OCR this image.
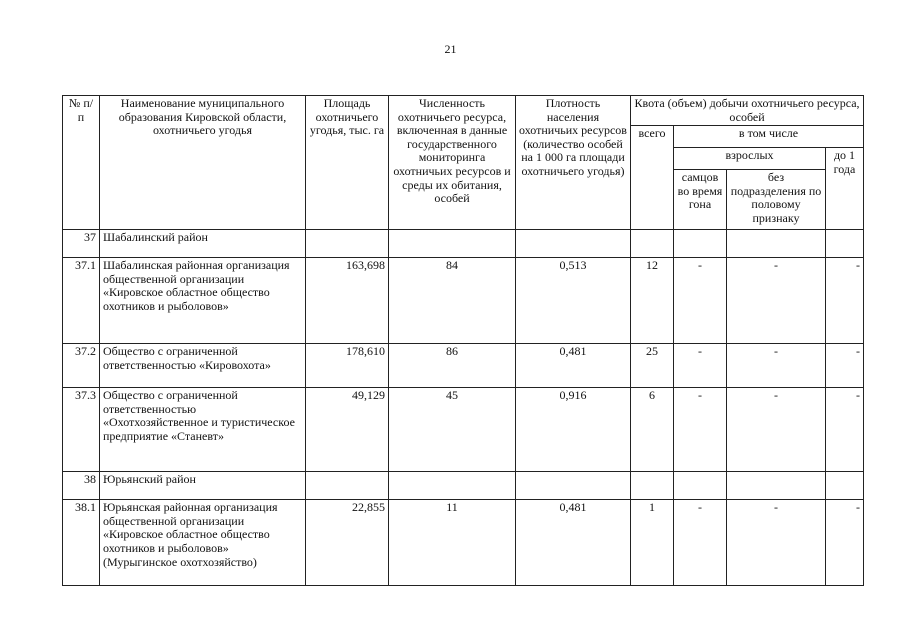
21
№ п/п	Наименование муниципального образования Кировской области, охотничьего угодья	Площадь охотничьего угодья, тыс. га	Численность охотничьего ресурса, включенная в данные государственного мониторинга охотничьих ресурсов и среды их обитания, особей	Плотность населения охотничьих ресурсов (количество особей на 1 000 га площади охотничьего угодья)	Квота (объем) добычи охотничьего ресурса, особей			
					всего	в том числе		
						взрослых		до 1 года
						самцов во время гона	без подразделения по половому признаку	
37	Шабалинский район							
37.1	Шабалинская районная организация общественной организации «Кировское областное общество охотников и рыболовов»	163,698	84	0,513	12	-	-	-
37.2	Общество с ограниченной ответственностью «Кировохота»	178,610	86	0,481	25	-	-	-
37.3	Общество с ограниченной ответственностью «Охотхозяйственное и туристическое предприятие «Станевт»	49,129	45	0,916	6	-	-	-
38	Юрьянский район							
38.1	Юрьянская районная организация общественной организации «Кировское областное общество охотников и рыболовов» (Мурыгинское охотхозяйство)	22,855	11	0,481	1	-	-	-
